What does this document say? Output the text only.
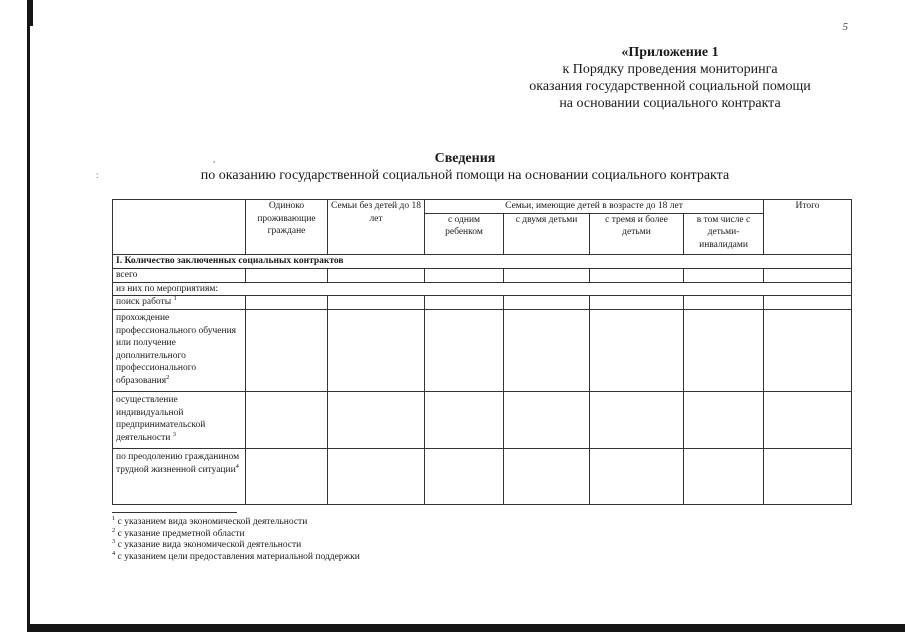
5
«Приложение 1
к Порядку проведения мониторинга
оказания государственной социальной помощи
на основании социального контракта
,
:
Сведения
по оказанию государственной социальной помощи на основании социального контракта
	Одиноко проживающие граждане	Семьи без детей до 18 лет	Семьи, имеющие детей в возрасте до 18 лет				Итого
			с одним ребенком	с двумя детьми	с тремя и более детьми	в том числе с детьми-инвалидами	
I. Количество заключенных социальных контрактов							
всего							
из них по мероприятиям:							
поиск работы $^1$							
прохождение профессионального обучения или получение дополнительного профессионального образования$^2$							
осуществление индивидуальной предпринимательской деятельности $^3$							
по преодолению гражданином трудной жизненной ситуации$^4$							
$^1$ с указанием вида экономической деятельности
$^2$ с указание предметной области
$^3$ с указание вида экономической деятельности
$^4$ с указанием цели предоставления материальной поддержки
